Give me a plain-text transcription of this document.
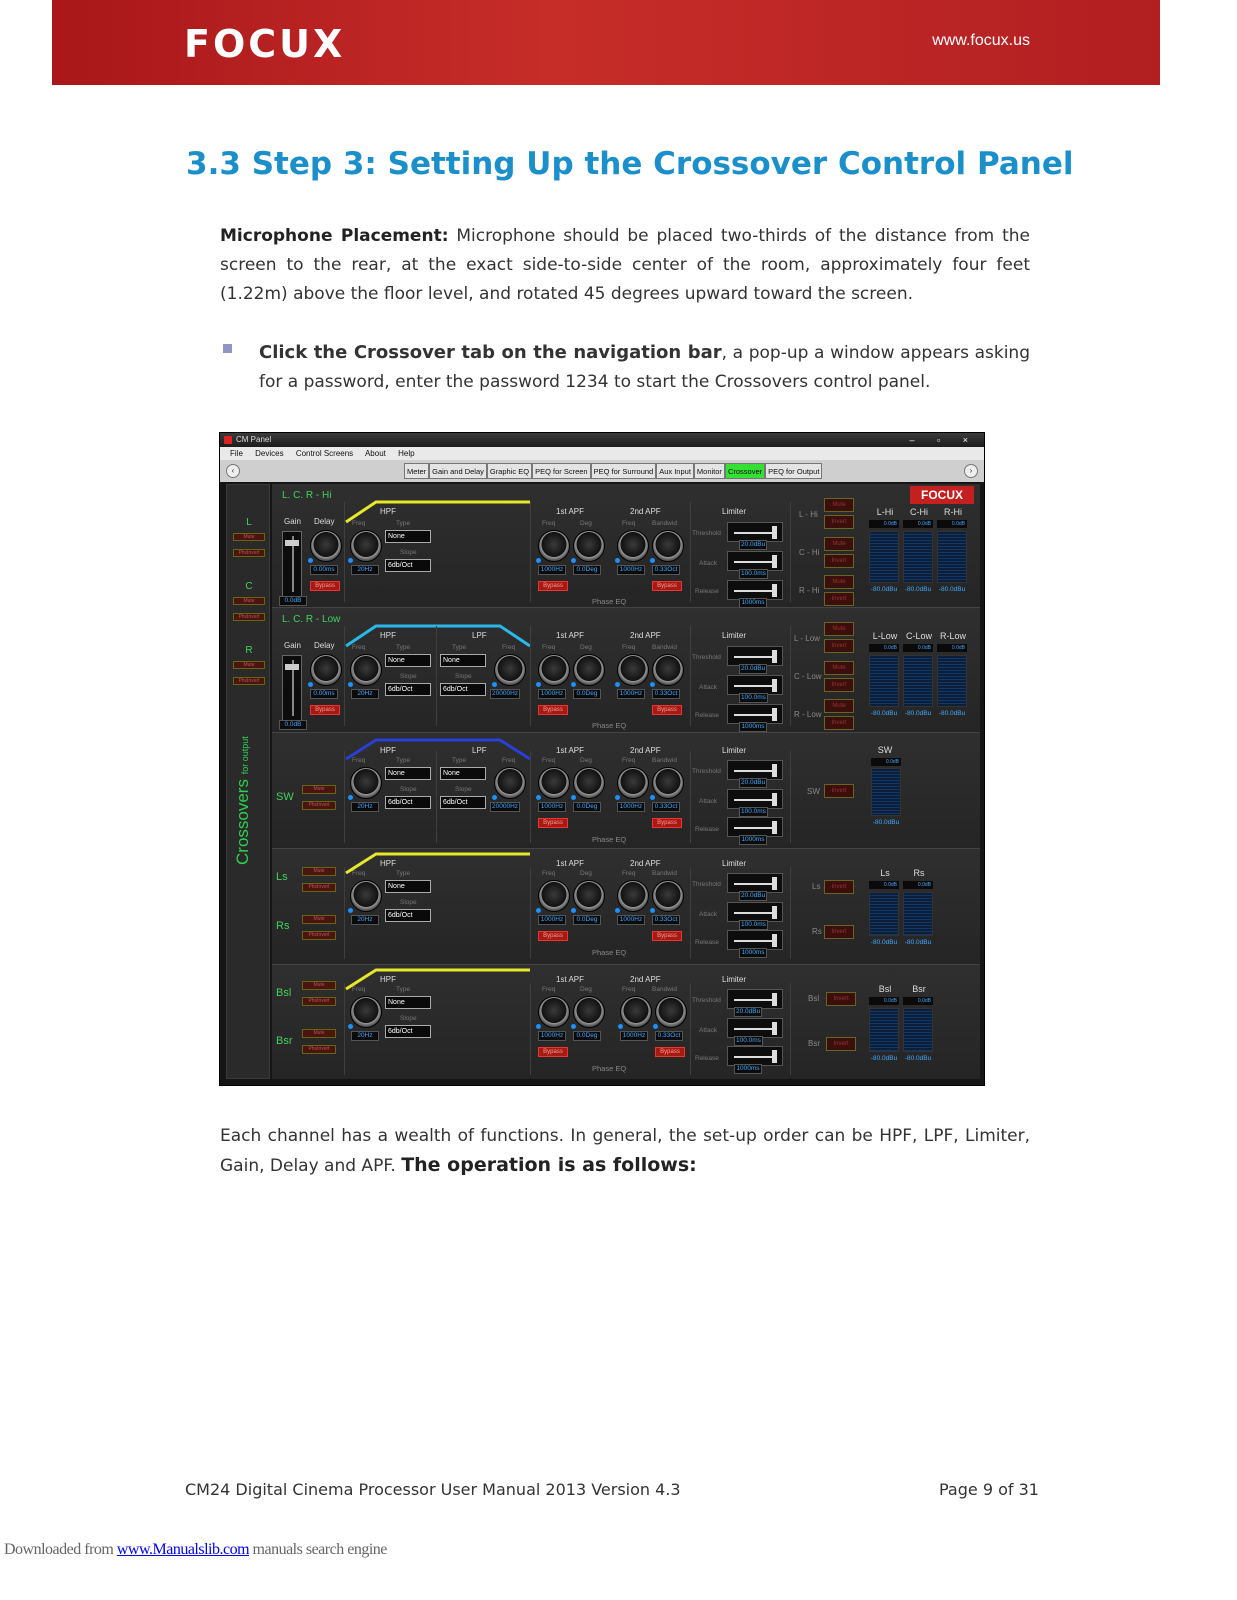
FOCUX	www.focux.us
3.3 Step 3: Setting Up the Crossover Control Panel
Microphone Placement: Microphone should be placed two-thirds of the distance from the screen to the rear, at the exact side-to-side center of the room, approximately four feet (1.22m) above the floor level, and rotated 45 degrees upward toward the screen.
Click the Crossover tab on the navigation bar, a pop-up a window appears asking for a password, enter the password 1234 to start the Crossovers control panel.
CM Panel	– ▫ ×
File Devices Control Screens About Help
‹	Meter Gain and Delay Graphic EQ PEQ for Screen PEQ for Surround Aux Input Monitor Crossover PEQ for Output	›
L
Mute
PhsInvert
C
Mute
PhsInvert
R
Mute
PhsInvert
Crossovers for output
L. C. R - Hi	FOCUX
Gain Delay
0.0dB
0.00ms
Bypass
HPF
Freq	Type
20Hz
None
Slope
6db/Oct
1st APF
Freq	Deg
1000Hz	0.0Deg
Bypass
2nd APF
Freq	Bandwid
1000Hz	0.33Oct
Bypass
Phase EQ
Limiter
Threshold
20.0dBu
Attack
100.0ms
Release
1000ms
L - Hi
Mute
Invert
C - Hi
Mute
Invert
R - Hi
Mute
Invert
L-Hi	C-Hi	R-Hi
0.0dB	0.0dB	0.0dB
-80.0dBu	-80.0dBu	-80.0dBu
L. C. R - Low
Gain Delay
0.0dB
0.00ms
Bypass
HPF	LPF
Freq	Type	Type	Freq
20Hz
None
Slope
6db/Oct
None
Slope
6db/Oct
20000Hz
1st APF
Freq	Deg
1000Hz	0.0Deg
Bypass
2nd APF
Freq	Bandwid
1000Hz	0.33Oct
Bypass
Phase EQ
Limiter
Threshold
20.0dBu
Attack
100.0ms
Release
1000ms
L - Low
Mute
Invert
C - Low
Mute
Invert
R - Low
Mute
Invert
L-Low C-Low R-Low
0.0dB	0.0dB	0.0dB
-80.0dBu	-80.0dBu	-80.0dBu
SW
Mute
PhsInvert
HPF	LPF
Freq	Type	Type	Freq
20Hz
None
Slope
6db/Oct
None
Slope
6db/Oct
20000Hz
1st APF
Freq	Deg
1000Hz	0.0Deg
Bypass
2nd APF
Freq	Bandwid
1000Hz	0.33Oct
Bypass
Phase EQ
Limiter
Threshold
20.0dBu
Attack
100.0ms
Release
1000ms
SW	Invert
SW
0.0dB
-80.0dBu
Ls	Mute
PhsInvert
Rs
Mute
PhsInvert
HPF
Freq	Type
20Hz
None
Slope
6db/Oct
1st APF
Freq	Deg
1000Hz	0.0Deg
Bypass
2nd APF
Freq	Bandwid
1000Hz	0.33Oct
Bypass
Phase EQ
Limiter
Threshold
20.0dBu
Attack
100.0ms
Release
1000ms
Ls	Invert
Rs	Invert
Ls	Rs
0.0dB	0.0dB
-80.0dBu	-80.0dBu
Bsl
Mute
PhsInvert
Bsr
Mute
PhsInvert
HPF
Freq	Type
20Hz
None
Slope
6db/Oct
1st APF
Freq	Deg
1000Hz	0.0Deg
Bypass
2nd APF
Freq	Bandwid
1000Hz	0.33Oct
Bypass
Phase EQ
Limiter
Threshold
20.0dBu
Attack
100.0ms
Release
1000ms
Bsl	Invert
Bsr	Invert
Bsl	Bsr
0.0dB	0.0dB
-80.0dBu	-80.0dBu
Each channel has a wealth of functions. In general, the set-up order can be HPF, LPF, Limiter, Gain, Delay and APF. The operation is as follows:
CM24 Digital Cinema Processor User Manual 2013 Version 4.3	Page 9 of 31
Downloaded from www.Manualslib.com manuals search engine
